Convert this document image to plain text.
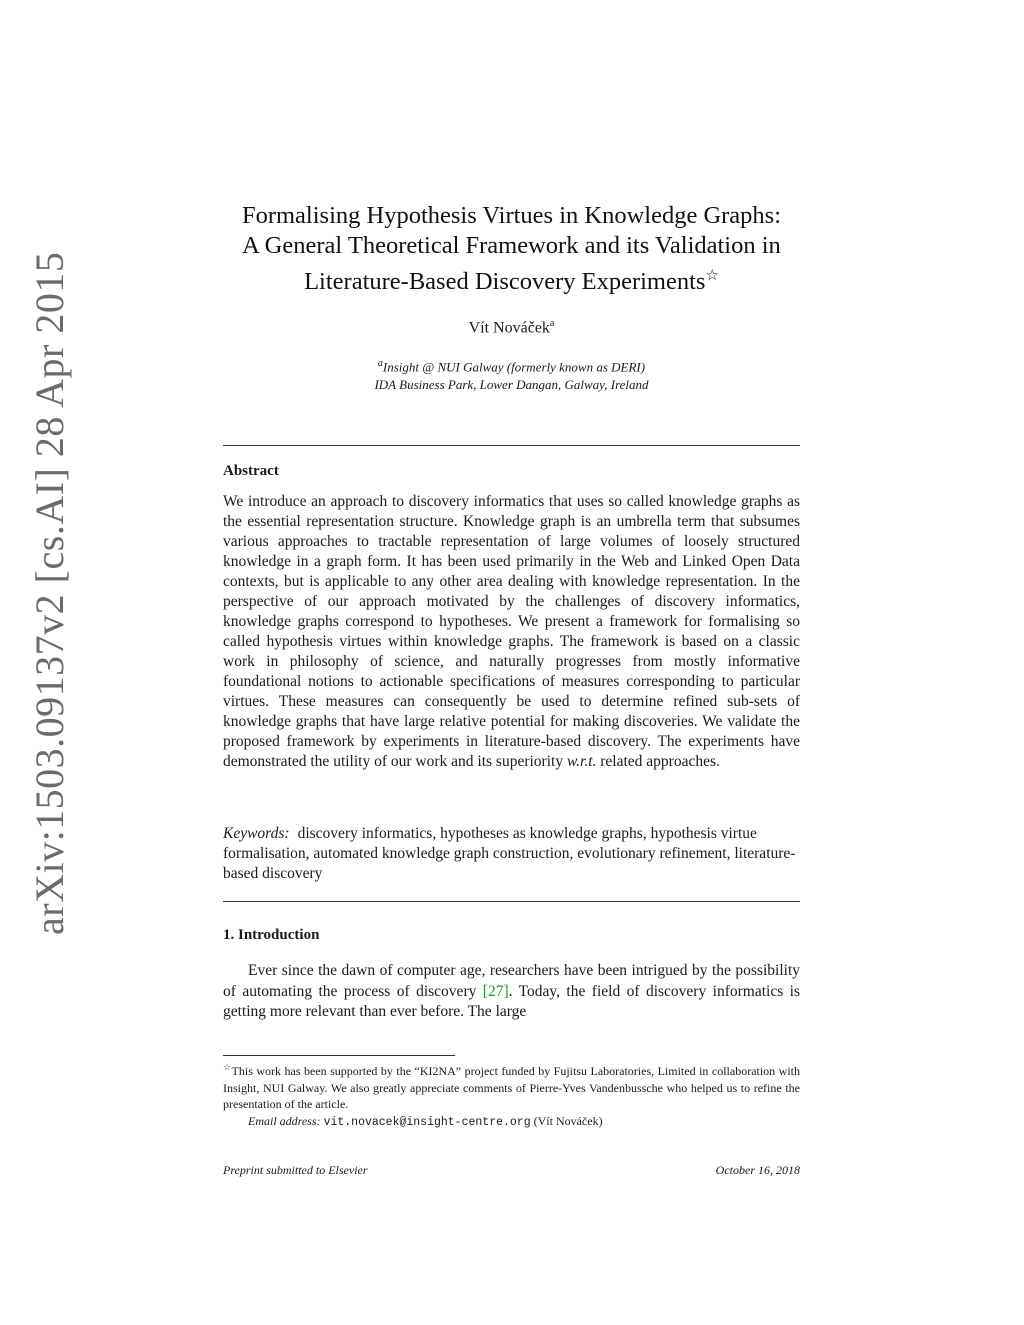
arXiv:1503.09137v2 [cs.AI] 28 Apr 2015
Formalising Hypothesis Virtues in Knowledge Graphs:
A General Theoretical Framework and its Validation in
Literature-Based Discovery Experiments☆
Vít Nováček$^a$
$^a$Insight @ NUI Galway (formerly known as DERI)
IDA Business Park, Lower Dangan, Galway, Ireland
Abstract
We introduce an approach to discovery informatics that uses so called knowledge graphs as the essential representation structure. Knowledge graph is an umbrella term that subsumes various approaches to tractable representation of large volumes of loosely structured knowledge in a graph form. It has been used primarily in the Web and Linked Open Data contexts, but is applicable to any other area dealing with knowledge representation. In the perspective of our approach motivated by the challenges of discovery informatics, knowledge graphs correspond to hypotheses. We present a framework for formalising so called hypothesis virtues within knowledge graphs. The framework is based on a classic work in philosophy of science, and naturally progresses from mostly informative foundational notions to actionable specifications of measures corresponding to particular virtues. These measures can consequently be used to determine refined sub-sets of knowledge graphs that have large relative potential for making discoveries. We validate the proposed framework by experiments in literature-based discovery. The experiments have demonstrated the utility of our work and its superiority w.r.t. related approaches.
Keywords: discovery informatics, hypotheses as knowledge graphs, hypothesis virtue formalisation, automated knowledge graph construction, evolutionary refinement, literature-based discovery
1. Introduction
Ever since the dawn of computer age, researchers have been intrigued by the possibility of automating the process of discovery [27]. Today, the field of discovery informatics is getting more relevant than ever before. The large
☆This work has been supported by the “KI2NA” project funded by Fujitsu Laboratories, Limited in collaboration with Insight, NUI Galway. We also greatly appreciate comments of Pierre-Yves Vandenbussche who helped us to refine the presentation of the article.
Email address: vit.novacek@insight-centre.org (Vít Nováček)
Preprint submitted to Elsevier	October 16, 2018
